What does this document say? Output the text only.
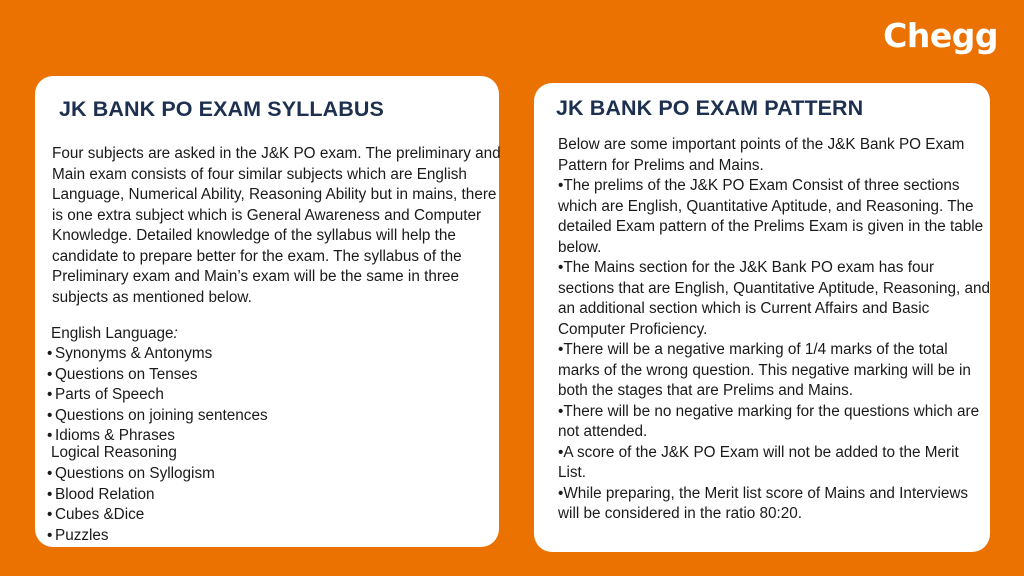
Chegg
JK BANK PO EXAM SYLLABUS

Four subjects are asked in the J&K PO exam. The preliminary and Main exam consists of four similar subjects which are English Language, Numerical Ability, Reasoning Ability but in mains, there is one extra subject which is General Awareness and Computer Knowledge. Detailed knowledge of the syllabus will help the candidate to prepare better for the exam. The syllabus of the Preliminary exam and Main’s exam will be the same in three subjects as mentioned below.

English Language:

• Synonyms & Antonyms
• Questions on Tenses
• Parts of Speech
• Questions on joining sentences
• Idioms & Phrases

Logical Reasoning

• Questions on Syllogism
• Blood Relation
• Cubes &Dice
• Puzzles
JK BANK PO EXAM PATTERN

Below are some important points of the J&K Bank PO Exam Pattern for Prelims and Mains.

•The prelims of the J&K PO Exam Consist of three sections which are English, Quantitative Aptitude, and Reasoning. The detailed Exam pattern of the Prelims Exam is given in the table below.

•The Mains section for the J&K Bank PO exam has four sections that are English, Quantitative Aptitude, Reasoning, and an additional section which is Current Affairs and Basic Computer Proficiency.

•There will be a negative marking of 1/4 marks of the total marks of the wrong question. This negative marking will be in both the stages that are Prelims and Mains.

•There will be no negative marking for the questions which are not attended.

•A score of the J&K PO Exam will not be added to the Merit List.

•While preparing, the Merit list score of Mains and Interviews will be considered in the ratio 80:20.
